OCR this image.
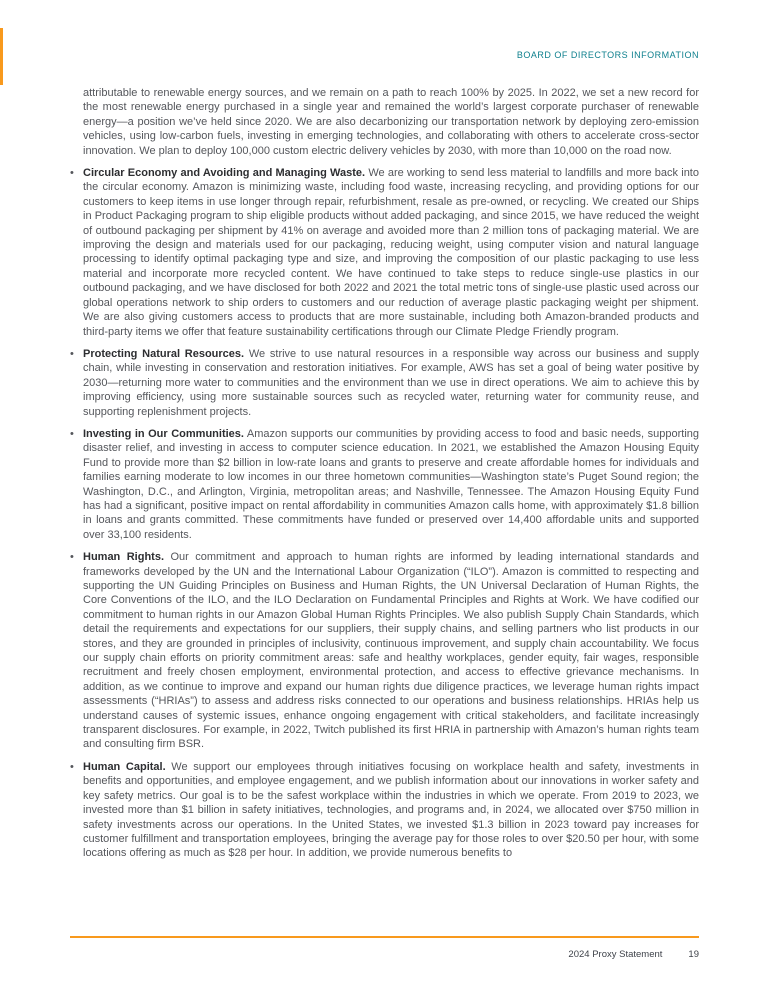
BOARD OF DIRECTORS INFORMATION

attributable to renewable energy sources, and we remain on a path to reach 100% by 2025. In 2022, we set a new record for the most renewable energy purchased in a single year and remained the world’s largest corporate purchaser of renewable energy—a position we’ve held since 2020. We are also decarbonizing our transportation network by deploying zero-emission vehicles, using low-carbon fuels, investing in emerging technologies, and collaborating with others to accelerate cross-sector innovation. We plan to deploy 100,000 custom electric delivery vehicles by 2030, with more than 10,000 on the road now.

• Circular Economy and Avoiding and Managing Waste. We are working to send less material to landfills and more back into the circular economy. Amazon is minimizing waste, including food waste, increasing recycling, and providing options for our customers to keep items in use longer through repair, refurbishment, resale as pre-owned, or recycling. We created our Ships in Product Packaging program to ship eligible products without added packaging, and since 2015, we have reduced the weight of outbound packaging per shipment by 41% on average and avoided more than 2 million tons of packaging material. We are improving the design and materials used for our packaging, reducing weight, using computer vision and natural language processing to identify optimal packaging type and size, and improving the composition of our plastic packaging to use less material and incorporate more recycled content. We have continued to take steps to reduce single-use plastics in our outbound packaging, and we have disclosed for both 2022 and 2021 the total metric tons of single-use plastic used across our global operations network to ship orders to customers and our reduction of average plastic packaging weight per shipment. We are also giving customers access to products that are more sustainable, including both Amazon-branded products and third-party items we offer that feature sustainability certifications through our Climate Pledge Friendly program.
• Protecting Natural Resources. We strive to use natural resources in a responsible way across our business and supply chain, while investing in conservation and restoration initiatives. For example, AWS has set a goal of being water positive by 2030—returning more water to communities and the environment than we use in direct operations. We aim to achieve this by improving efficiency, using more sustainable sources such as recycled water, returning water for community reuse, and supporting replenishment projects.
• Investing in Our Communities. Amazon supports our communities by providing access to food and basic needs, supporting disaster relief, and investing in access to computer science education. In 2021, we established the Amazon Housing Equity Fund to provide more than $2 billion in low-rate loans and grants to preserve and create affordable homes for individuals and families earning moderate to low incomes in our three hometown communities—Washington state’s Puget Sound region; the Washington, D.C., and Arlington, Virginia, metropolitan areas; and Nashville, Tennessee. The Amazon Housing Equity Fund has had a significant, positive impact on rental affordability in communities Amazon calls home, with approximately $1.8 billion in loans and grants committed. These commitments have funded or preserved over 14,400 affordable units and supported over 33,100 residents.
• Human Rights. Our commitment and approach to human rights are informed by leading international standards and frameworks developed by the UN and the International Labour Organization (“ILO”). Amazon is committed to respecting and supporting the UN Guiding Principles on Business and Human Rights, the UN Universal Declaration of Human Rights, the Core Conventions of the ILO, and the ILO Declaration on Fundamental Principles and Rights at Work. We have codified our commitment to human rights in our Amazon Global Human Rights Principles. We also publish Supply Chain Standards, which detail the requirements and expectations for our suppliers, their supply chains, and selling partners who list products in our stores, and they are grounded in principles of inclusivity, continuous improvement, and supply chain accountability. We focus our supply chain efforts on priority commitment areas: safe and healthy workplaces, gender equity, fair wages, responsible recruitment and freely chosen employment, environmental protection, and access to effective grievance mechanisms. In addition, as we continue to improve and expand our human rights due diligence practices, we leverage human rights impact assessments (“HRIAs”) to assess and address risks connected to our operations and business relationships. HRIAs help us understand causes of systemic issues, enhance ongoing engagement with critical stakeholders, and facilitate increasingly transparent disclosures. For example, in 2022, Twitch published its first HRIA in partnership with Amazon’s human rights team and consulting firm BSR.
• Human Capital. We support our employees through initiatives focusing on workplace health and safety, investments in benefits and opportunities, and employee engagement, and we publish information about our innovations in worker safety and key safety metrics. Our goal is to be the safest workplace within the industries in which we operate. From 2019 to 2023, we invested more than $1 billion in safety initiatives, technologies, and programs and, in 2024, we allocated over $750 million in safety investments across our operations. In the United States, we invested $1.3 billion in 2023 toward pay increases for customer fulfillment and transportation employees, bringing the average pay for those roles to over $20.50 per hour, with some locations offering as much as $28 per hour. In addition, we provide numerous benefits to
2024 Proxy Statement	19
